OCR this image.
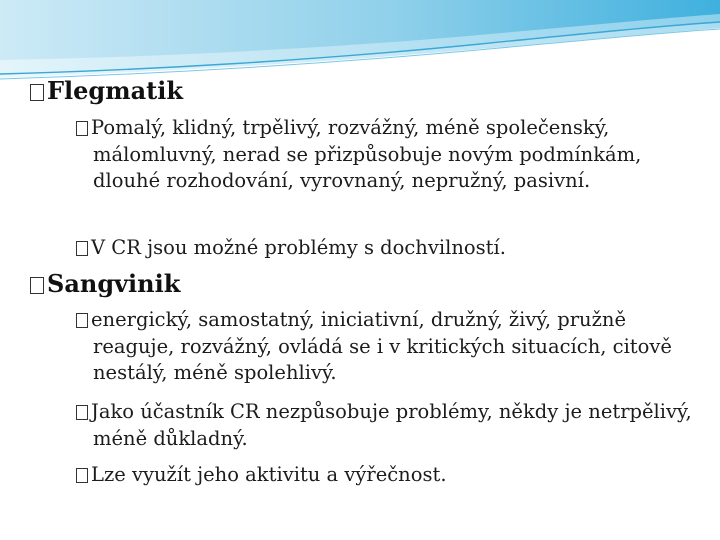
Flegmatik
Pomalý, klidný, trpělivý, rozvážný, méně společenský, málomluvný, nerad se přizpůsobuje novým podmínkám, dlouhé rozhodování, vyrovnaný, nepružný, pasivní.
V CR jsou možné problémy s dochvilností.
Sangvinik
energický, samostatný, iniciativní, družný, živý, pružně reaguje, rozvážný, ovládá se i v kritických situacích, citově nestálý, méně spolehlivý.
Jako účastník CR nezpůsobuje problémy, někdy je netrpělivý, méně důkladný.
Lze využít jeho aktivitu a výřečnost.
